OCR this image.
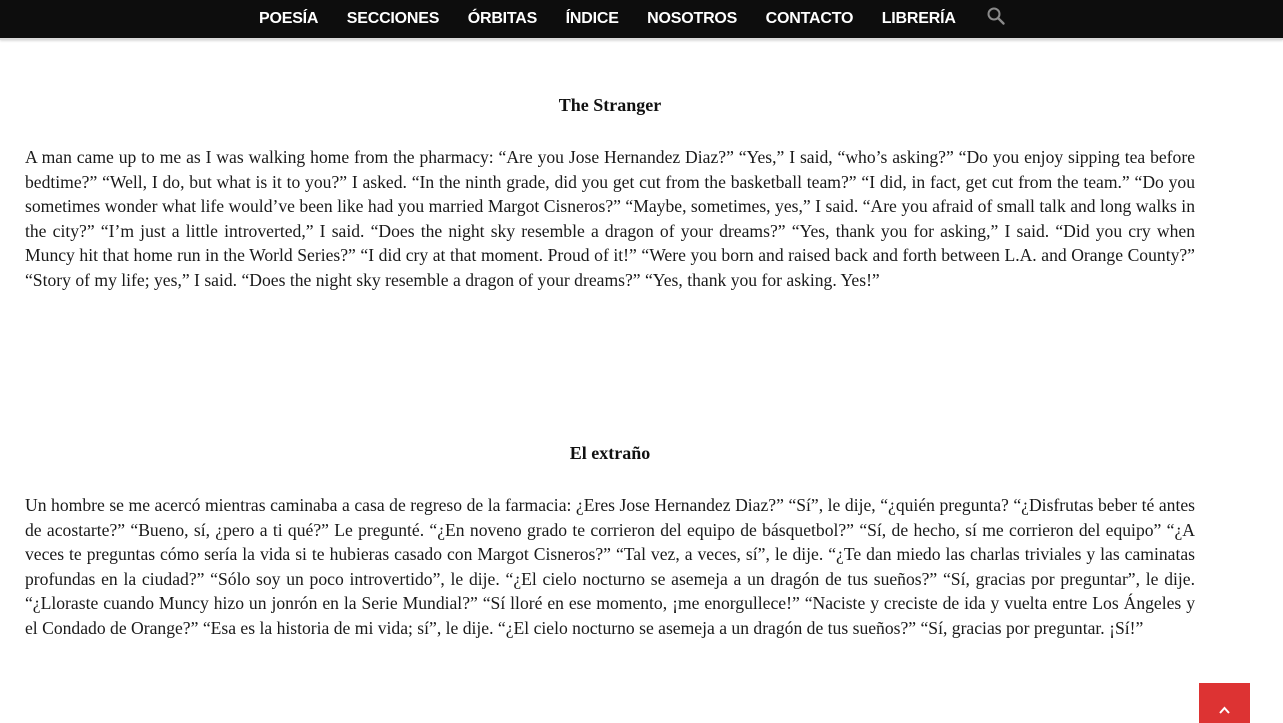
POESÍA SECCIONES ÓRBITAS ÍNDICE NOSOTROS CONTACTO LIBRERÍA
The Stranger

A man came up to me as I was walking home from the pharmacy: “Are you Jose Hernandez Diaz?” “Yes,” I said, “who’s asking?” “Do you enjoy sipping tea before bedtime?” “Well, I do, but what is it to you?” I asked. “In the ninth grade, did you get cut from the basketball team?” “I did, in fact, get cut from the team.” “Do you sometimes wonder what life would’ve been like had you married Margot Cisneros?” “Maybe, sometimes, yes,” I said. “Are you afraid of small talk and long walks in the city?” “I’m just a little introverted,” I said. “Does the night sky resemble a dragon of your dreams?” “Yes, thank you for asking,” I said. “Did you cry when Muncy hit that home run in the World Series?” “I did cry at that moment. Proud of it!” “Were you born and raised back and forth between L.A. and Orange County?” “Story of my life; yes,” I said. “Does the night sky resemble a dragon of your dreams?” “Yes, thank you for asking. Yes!”

El extraño

Un hombre se me acercó mientras caminaba a casa de regreso de la farmacia: ¿Eres Jose Hernandez Diaz?” “Sí”, le dije, “¿quién pregunta? “¿Disfrutas beber té antes de acostarte?” “Bueno, sí, ¿pero a ti qué?” Le pregunté. “¿En noveno grado te corrieron del equipo de básquetbol?” “Sí, de hecho, sí me corrieron del equipo” “¿A veces te preguntas cómo sería la vida si te hubieras casado con Margot Cisneros?” “Tal vez, a veces, sí”, le dije. “¿Te dan miedo las charlas triviales y las caminatas profundas en la ciudad?” “Sólo soy un poco introvertido”, le dije. “¿El cielo nocturno se asemeja a un dragón de tus sueños?” “Sí, gracias por preguntar”, le dije. “¿Lloraste cuando Muncy hizo un jonrón en la Serie Mundial?” “Sí lloré en ese momento, ¡me enorgullece!” “Naciste y creciste de ida y vuelta entre Los Ángeles y el Condado de Orange?” “Esa es la historia de mi vida; sí”, le dije. “¿El cielo nocturno se asemeja a un dragón de tus sueños?” “Sí, gracias por preguntar. ¡Sí!”
